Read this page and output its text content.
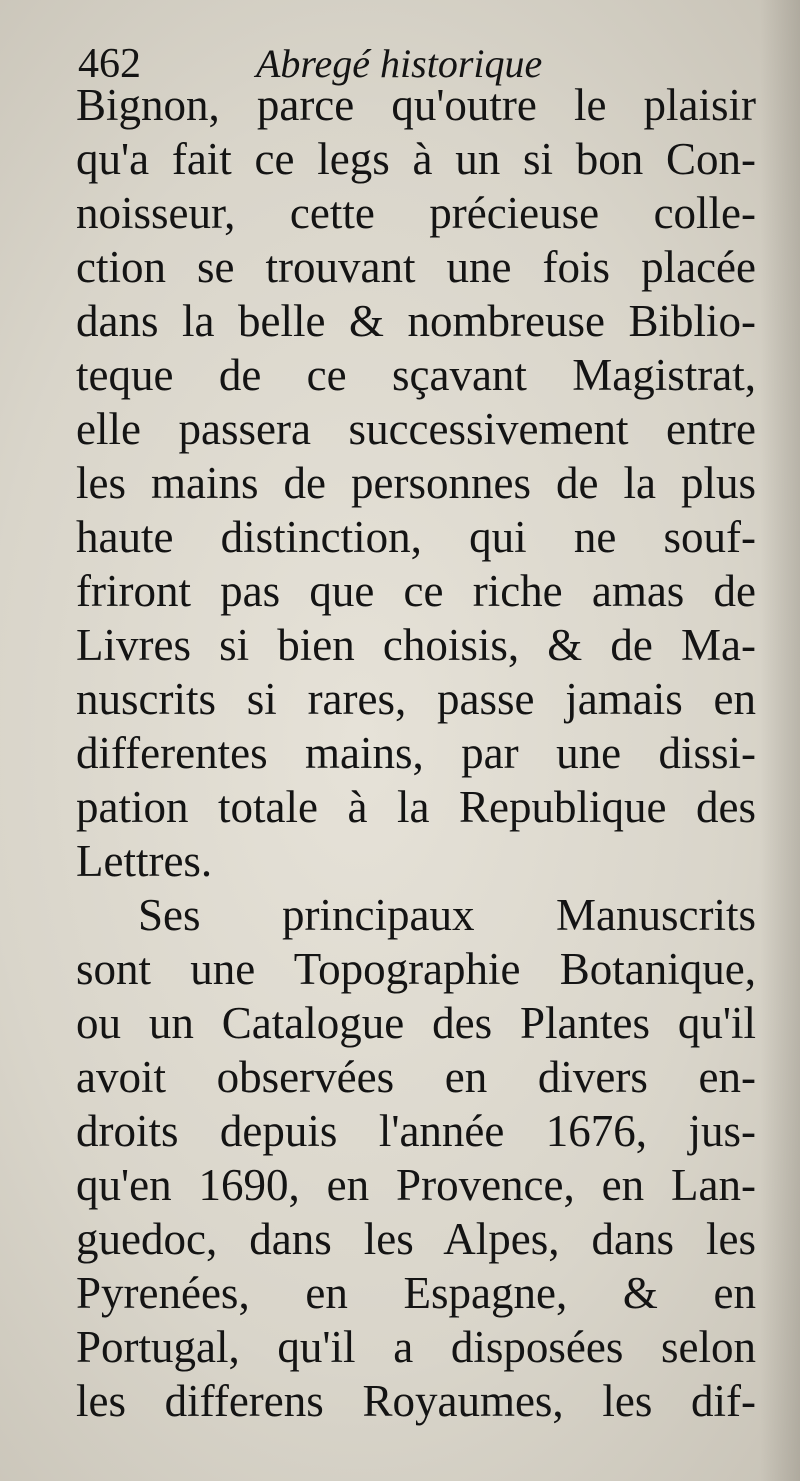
462	Abregé historique
Bignon, parce qu'outre le plaisir
qu'a fait ce legs à un si bon Con-
noisseur, cette précieuse colle-
ction se trouvant une fois placée
dans la belle & nombreuse Biblio-
teque de ce sçavant Magistrat,
elle passera successivement entre
les mains de personnes de la plus
haute distinction, qui ne souf-
friront pas que ce riche amas de
Livres si bien choisis, & de Ma-
nuscrits si rares, passe jamais en
differentes mains, par une dissi-
pation totale à la Republique des
Lettres.
Ses principaux Manuscrits
sont une Topographie Botanique,
ou un Catalogue des Plantes qu'il
avoit observées en divers en-
droits depuis l'année 1676, jus-
qu'en 1690, en Provence, en Lan-
guedoc, dans les Alpes, dans les
Pyrenées, en Espagne, & en
Portugal, qu'il a disposées selon
les differens Royaumes, les dif-
